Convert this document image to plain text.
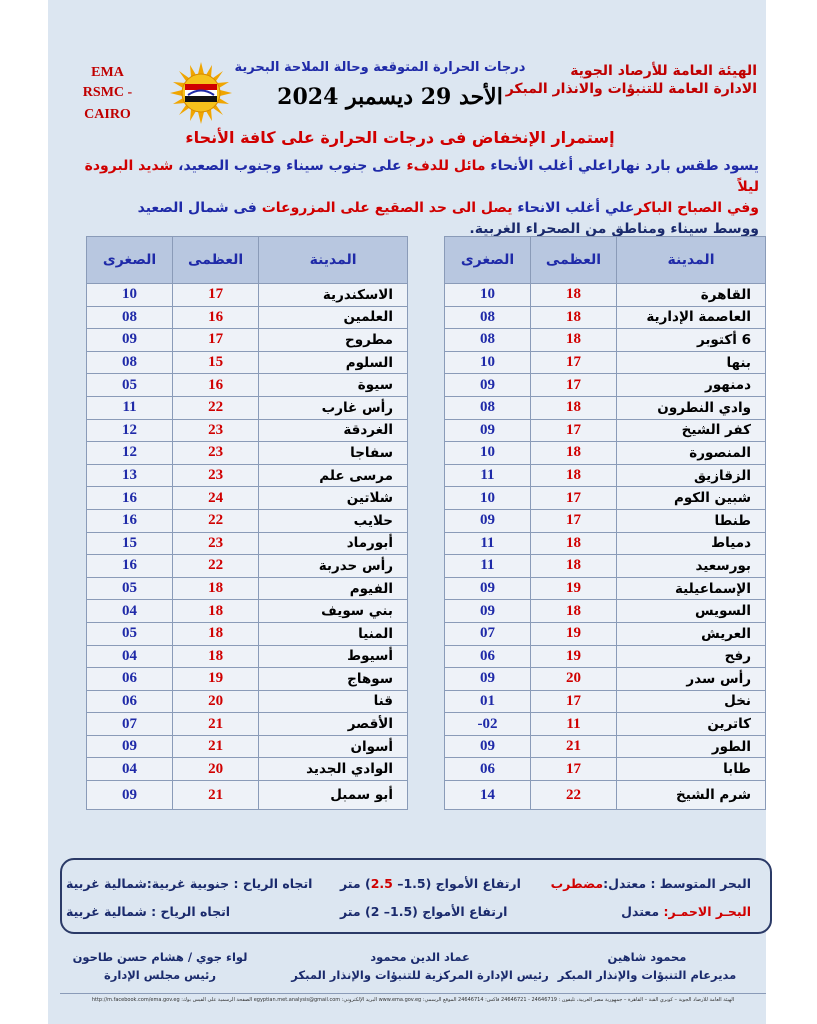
الهيئة العامة للأرصاد الجوية
الادارة العامة للتنبؤات والانذار المبكر
EMA
RSMC - CAIRO
درجات الحرارة المتوقعة وحالة الملاحة البحرية
الأحد 29 ديسمبر 2024
إستمرار الإنخفاض فى درجات الحرارة على كافة الأنحاء
يسود طقس بارد نهاراعلي أغلب الأنحاء مائل للدفء على جنوب سيناء وجنوب الصعيد، شديد البرودة ليلاً
وفي الصباح الباكرعلي أغلب الانحاء يصل الى حد الصقيع على المزروعات فى شمال الصعيد
ووسط سيناء ومناطق من الصحراء الغربية.
المدينة	العظمى	الصغرى
القاهرة	18	10
العاصمة الإدارية	18	08
6 أكتوبر	18	08
بنها	17	10
دمنهور	17	09
وادي النطرون	18	08
كفر الشيخ	17	09
المنصورة	18	10
الزقازيق	18	11
شبين الكوم	17	10
طنطا	17	09
دمياط	18	11
بورسعيد	18	11
الإسماعيلية	19	09
السويس	18	09
العريش	19	07
رفح	19	06
رأس سدر	20	09
نخل	17	01
كاترين	11	-02
الطور	21	09
طابا	17	06
شرم الشيخ	22	14
المدينة	العظمى	الصغرى
الاسكندرية	17	10
العلمين	16	08
مطروح	17	09
السلوم	15	08
سيوة	16	05
رأس غارب	22	11
الغردقة	23	12
سفاجا	23	12
مرسى علم	23	13
شلاتين	24	16
حلايب	22	16
أبورماد	23	15
رأس حدربة	22	16
الفيوم	18	05
بني سويف	18	04
المنيا	18	05
أسيوط	18	04
سوهاج	19	06
قنا	20	06
الأقصر	21	07
أسوان	21	09
الوادي الجديد	20	04
أبو سمبل	21	09
البحر المتوسط : معتدل:مضطرب
ارتفاع الأمواج (1.5– 2.5) متر
اتجاه الرياح : جنوبية غربية:شمالية غربية
البحـر الاحمـر: معتدل
ارتفاع الأمواج (1.5– 2) متر
اتجاه الرياح : شمالية غربية
محمود شاهين
مديرعام التنبؤات والإنذار المبكر
عماد الدين محمود
رئيس الإدارة المركزية للتنبؤات والإنذار المبكر
لواء جوي / هشام حسن طاحون
رئيس مجلس الإدارة
الهيئة العامة للأرصاد الجوية – كوبري القبة – القاهرة – جمهورية مصر العربية، تليفون : 24646719 - 24646721 فاكس: 24646714 الموقع الرسمي: www.ema.gov.eg البريد الإلكتروني: egyptian.met.analysis@gmail.com الصفحة الرسمية على الفيس بوك: http://m.facebook.com/ema.gov.eg
